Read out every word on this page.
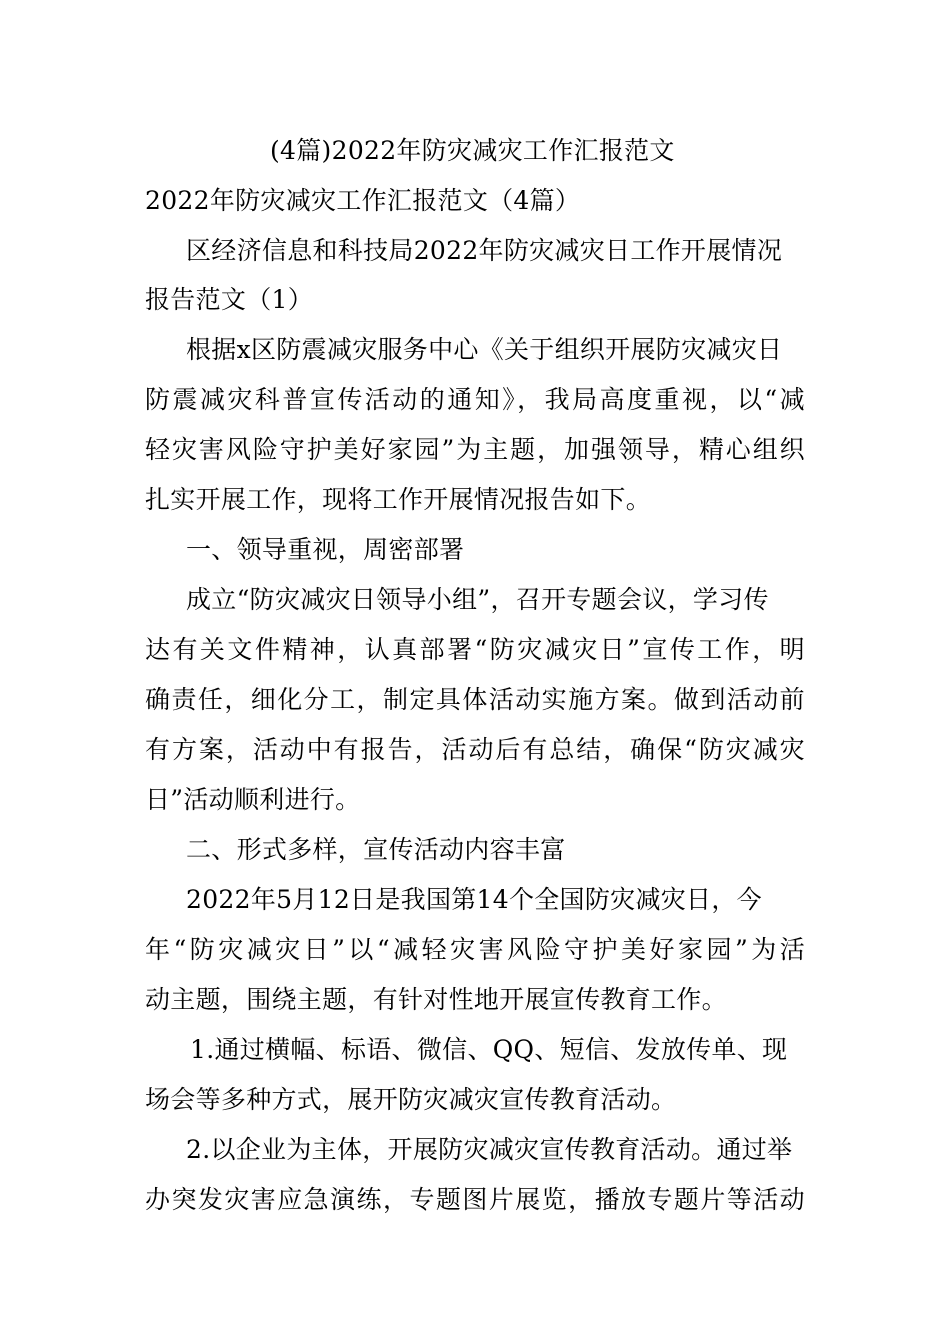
(4篇)2022年防灾减灾工作汇报范文
2022年防灾减灾工作汇报范文（4篇）
区经济信息和科技局2022年防灾减灾日工作开展情况
报告范文（1）
根据x区防震减灾服务中心《关于组织开展防灾减灾日
防震减灾科普宣传活动的通知》，我局高度重视，以“减
轻灾害风险守护美好家园”为主题，加强领导，精心组织
扎实开展工作，现将工作开展情况报告如下。
一、领导重视，周密部署
成立“防灾减灾日领导小组”，召开专题会议，学习传
达有关文件精神，认真部署“防灾减灾日”宣传工作，明
确责任，细化分工，制定具体活动实施方案。做到活动前
有方案，活动中有报告，活动后有总结，确保“防灾减灾
日”活动顺利进行。
二、形式多样，宣传活动内容丰富
2022年5月12日是我国第14个全国防灾减灾日，今
年“防灾减灾日”以“减轻灾害风险守护美好家园”为活
动主题，围绕主题，有针对性地开展宣传教育工作。
1.通过横幅、标语、微信、QQ、短信、发放传单、现
场会等多种方式，展开防灾减灾宣传教育活动。
2.以企业为主体，开展防灾减灾宣传教育活动。通过举
办突发灾害应急演练，专题图片展览，播放专题片等活动
